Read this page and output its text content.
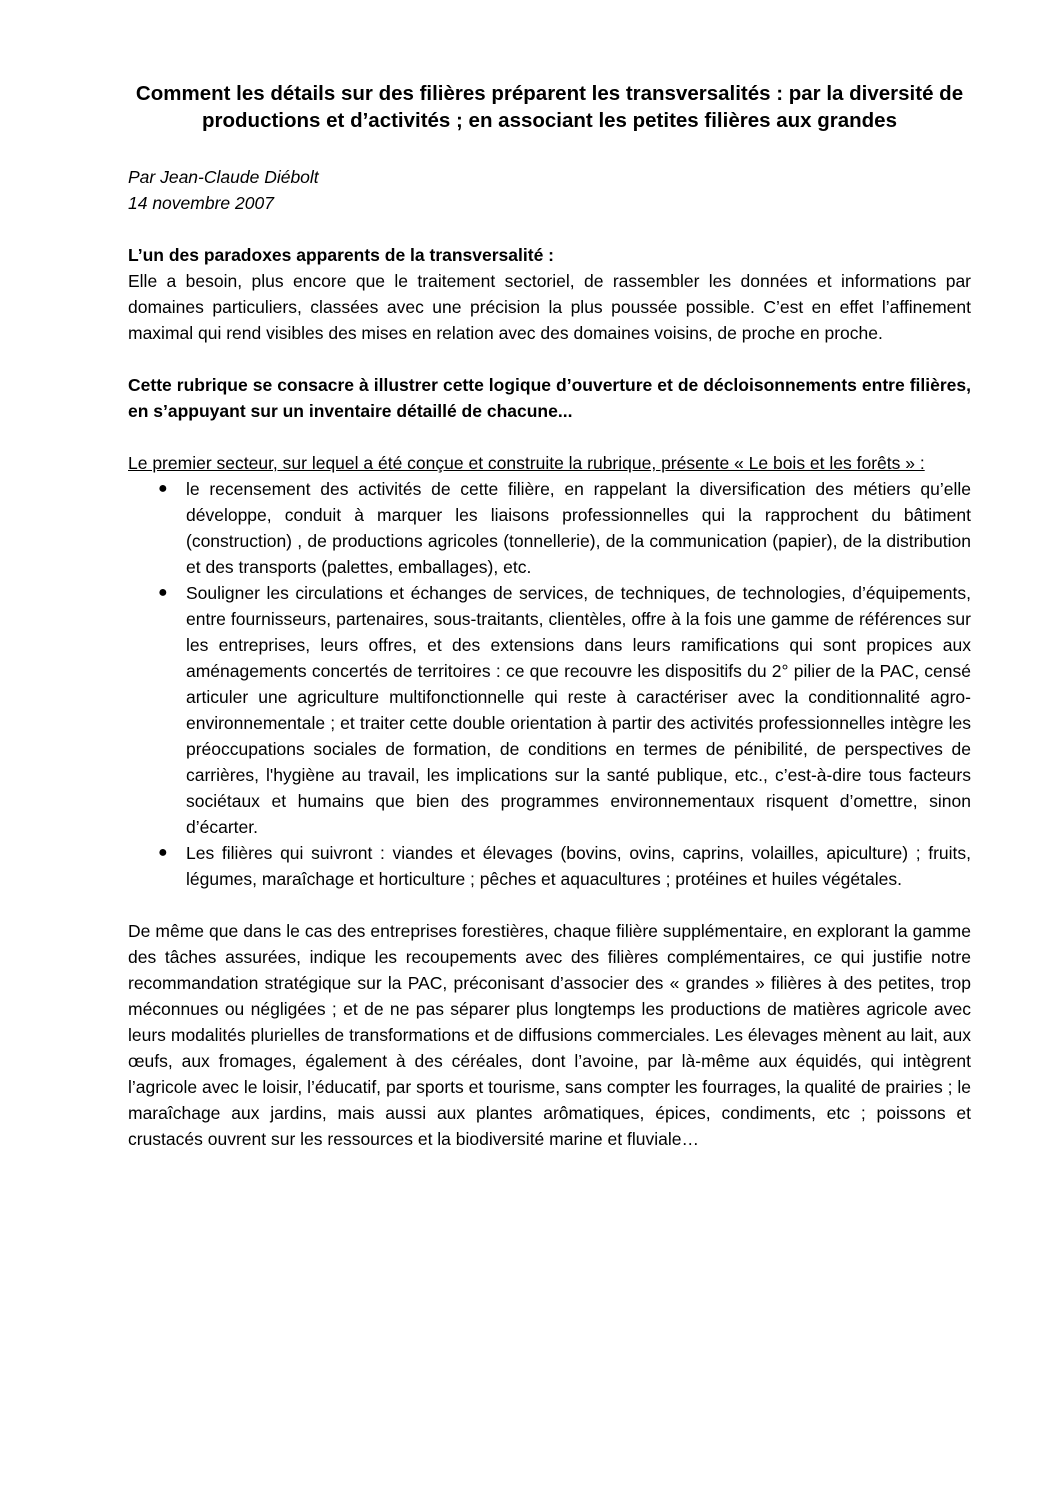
Comment les détails sur des filières préparent les transversalités : par la diversité de productions et d’activités ; en associant les petites filières aux grandes
Par Jean-Claude Diébolt
14 novembre 2007
L’un des paradoxes apparents de la transversalité :
Elle a besoin, plus encore que le traitement sectoriel, de rassembler les données et informations par domaines particuliers, classées avec une précision la plus poussée possible. C’est en effet l’affinement maximal qui rend visibles des mises en relation avec des domaines voisins, de proche en proche.
Cette rubrique se consacre à illustrer cette logique d’ouverture et de décloisonnements entre filières, en s’appuyant sur un inventaire détaillé de chacune...
Le premier secteur, sur lequel a été conçue et construite la rubrique, présente « Le bois et les forêts » :
● le recensement des activités de cette filière, en rappelant la diversification des métiers qu’elle développe, conduit à marquer les liaisons professionnelles qui la rapprochent du bâtiment (construction) , de productions agricoles (tonnellerie), de la communication (papier), de la distribution et des transports (palettes, emballages), etc.
● Souligner les circulations et échanges de services, de techniques, de technologies, d’équipements, entre fournisseurs, partenaires, sous-traitants, clientèles, offre à la fois une gamme de références sur les entreprises, leurs offres, et des extensions dans leurs ramifications qui sont propices aux aménagements concertés de territoires : ce que recouvre les dispositifs du 2° pilier de la PAC, censé articuler une agriculture multifonctionnelle qui reste à caractériser avec la conditionnalité agro-environnementale ; et traiter cette double orientation à partir des activités professionnelles intègre les préoccupations sociales de formation, de conditions en termes de pénibilité, de perspectives de carrières, l'hygiène au travail, les implications sur la santé publique, etc., c’est-à-dire tous facteurs sociétaux et humains que bien des programmes environnementaux risquent d’omettre, sinon d’écarter.
● Les filières qui suivront : viandes et élevages (bovins, ovins, caprins, volailles, apiculture) ; fruits, légumes, maraîchage et horticulture ; pêches et aquacultures ; protéines et huiles végétales.
De même que dans le cas des entreprises forestières, chaque filière supplémentaire, en explorant la gamme des tâches assurées, indique les recoupements avec des filières complémentaires, ce qui justifie notre recommandation stratégique sur la PAC, préconisant d’associer des « grandes » filières à des petites, trop méconnues ou négligées ; et de ne pas séparer plus longtemps les productions de matières agricole avec leurs modalités plurielles de transformations et de diffusions commerciales. Les élevages mènent au lait, aux œufs, aux fromages, également à des céréales, dont l’avoine, par là-même aux équidés, qui intègrent l’agricole avec le loisir, l’éducatif, par sports et tourisme, sans compter les fourrages, la qualité de prairies ; le maraîchage aux jardins, mais aussi aux plantes arômatiques, épices, condiments, etc ; poissons et crustacés ouvrent sur les ressources et la biodiversité marine et fluviale…
